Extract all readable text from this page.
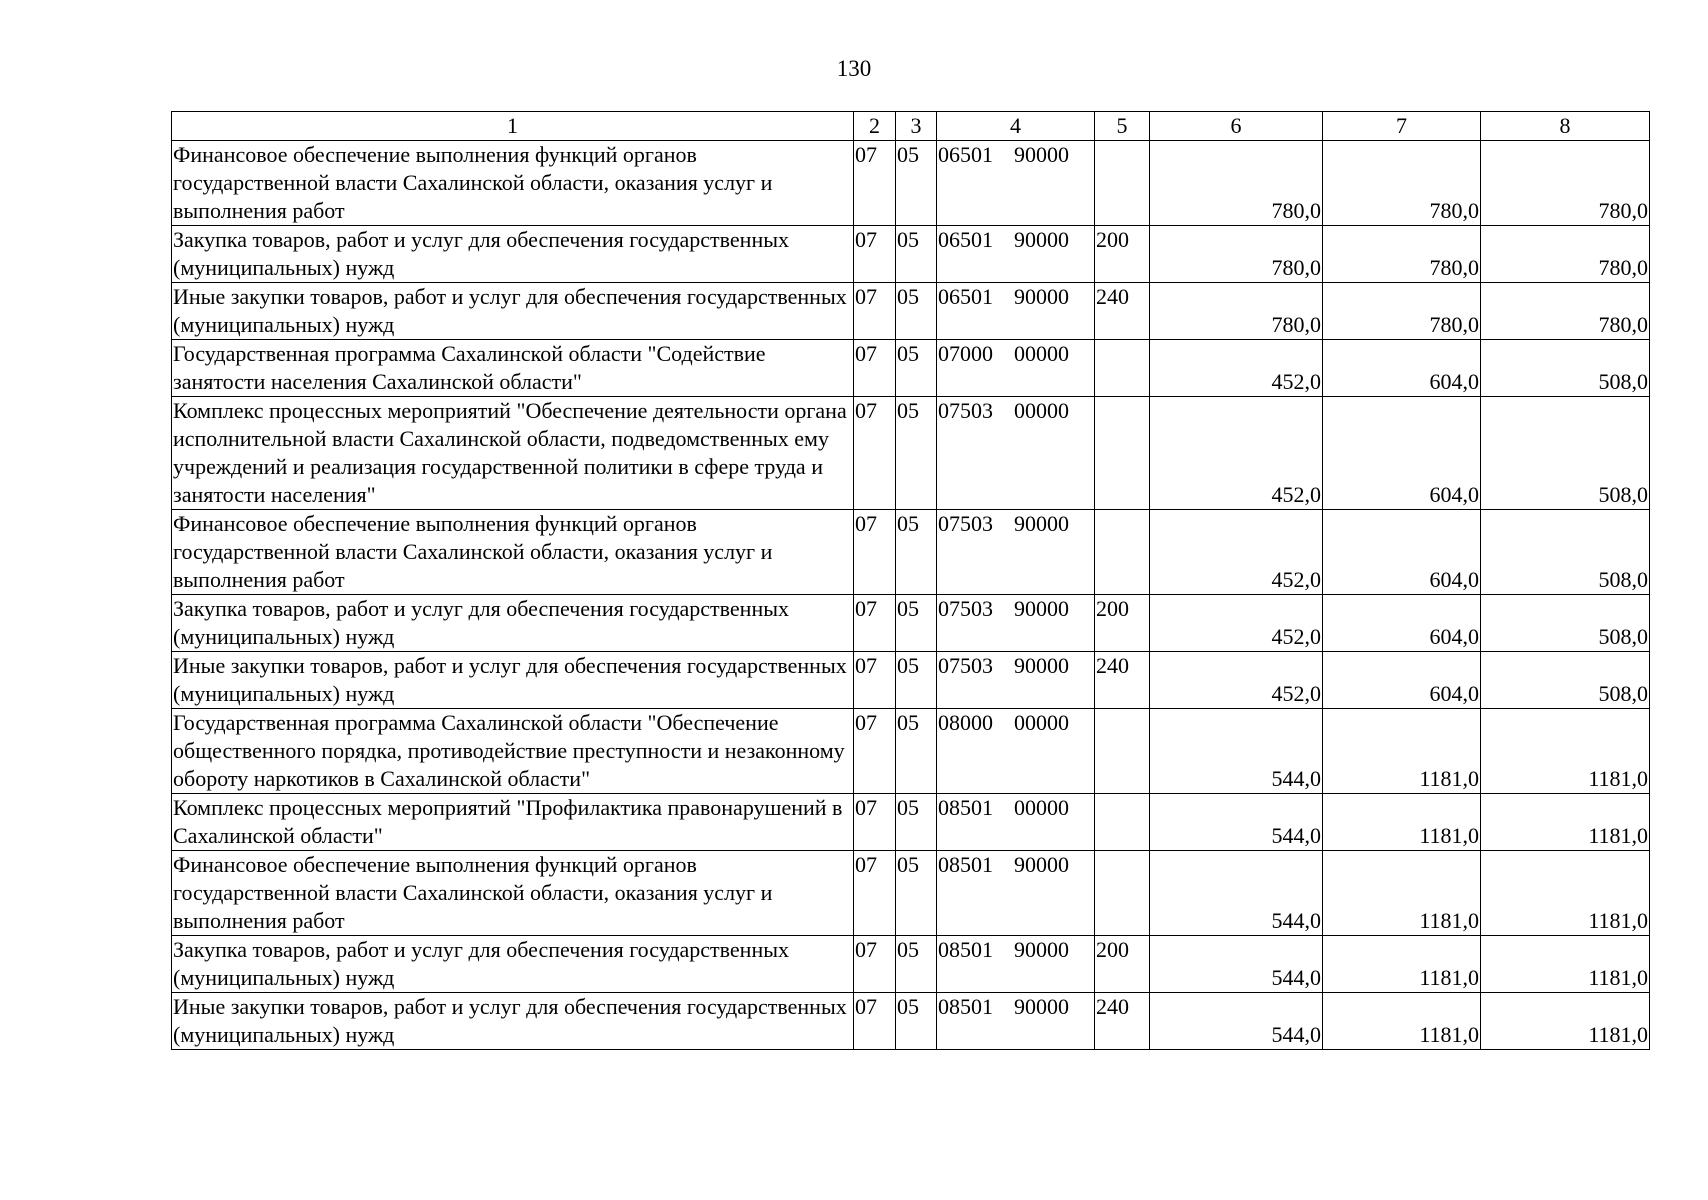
130
1	2	3	4	5	6	7	8
Финансовое обеспечение выполнения функций органов государственной власти Сахалинской области, оказания услуг и выполнения работ	07	05	06501 90000		780,0	780,0	780,0
Закупка товаров, работ и услуг для обеспечения государственных (муниципальных) нужд	07	05	06501 90000	200	780,0	780,0	780,0
Иные закупки товаров, работ и услуг для обеспечения государственных (муниципальных) нужд	07	05	06501 90000	240	780,0	780,0	780,0
Государственная программа Сахалинской области "Содействие занятости населения Сахалинской области"	07	05	07000 00000		452,0	604,0	508,0
Комплекс процессных мероприятий "Обеспечение деятельности органа исполнительной власти Сахалинской области, подведомственных ему учреждений и реализация государственной политики в сфере труда и занятости населения"	07	05	07503 00000		452,0	604,0	508,0
Финансовое обеспечение выполнения функций органов государственной власти Сахалинской области, оказания услуг и выполнения работ	07	05	07503 90000		452,0	604,0	508,0
Закупка товаров, работ и услуг для обеспечения государственных (муниципальных) нужд	07	05	07503 90000	200	452,0	604,0	508,0
Иные закупки товаров, работ и услуг для обеспечения государственных (муниципальных) нужд	07	05	07503 90000	240	452,0	604,0	508,0
Государственная программа Сахалинской области "Обеспечение общественного порядка, противодействие преступности и незаконному обороту наркотиков в Сахалинской области"	07	05	08000 00000		544,0	1181,0	1181,0
Комплекс процессных мероприятий "Профилактика правонарушений в Сахалинской области"	07	05	08501 00000		544,0	1181,0	1181,0
Финансовое обеспечение выполнения функций органов государственной власти Сахалинской области, оказания услуг и выполнения работ	07	05	08501 90000		544,0	1181,0	1181,0
Закупка товаров, работ и услуг для обеспечения государственных (муниципальных) нужд	07	05	08501 90000	200	544,0	1181,0	1181,0
Иные закупки товаров, работ и услуг для обеспечения государственных (муниципальных) нужд	07	05	08501 90000	240	544,0	1181,0	1181,0
